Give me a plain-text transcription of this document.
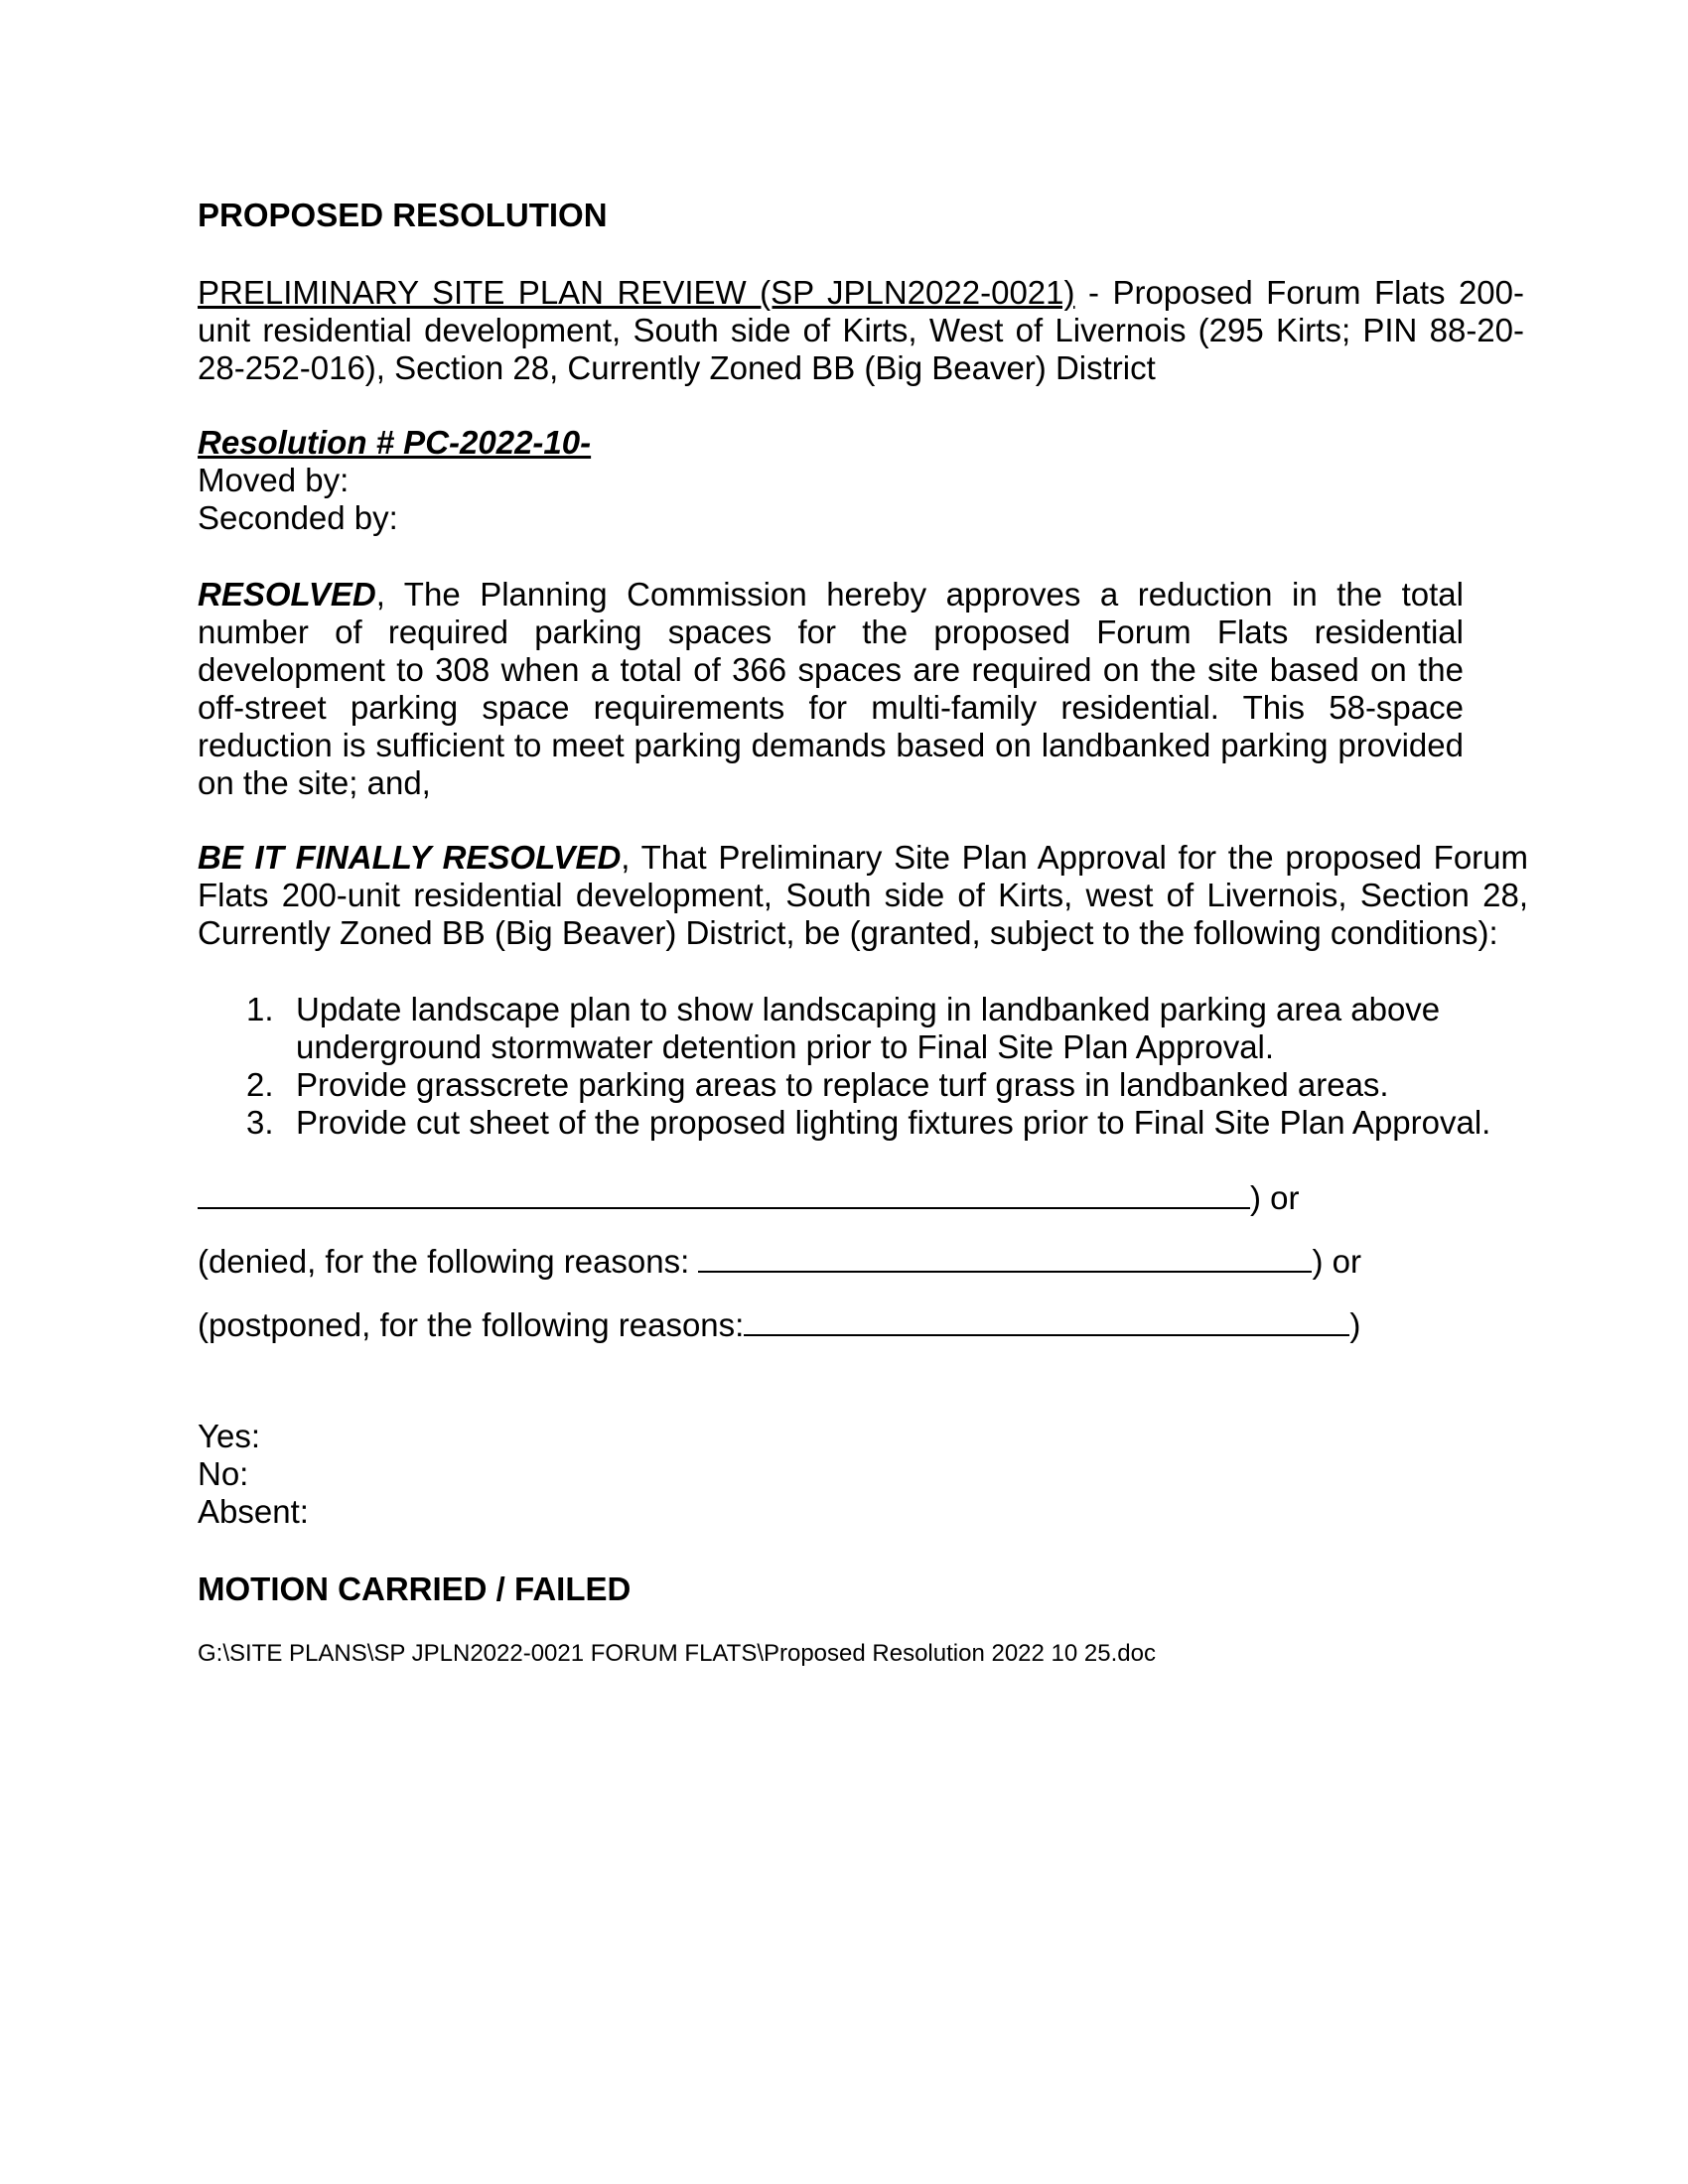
PROPOSED RESOLUTION
PRELIMINARY SITE PLAN REVIEW (SP JPLN2022-0021) - Proposed Forum Flats 200-unit residential development, South side of Kirts, West of Livernois (295 Kirts; PIN 88-20-28-252-016), Section 28, Currently Zoned BB (Big Beaver) District
Resolution # PC-2022-10-
Moved by:
Seconded by:
RESOLVED, The Planning Commission hereby approves a reduction in the total number of required parking spaces for the proposed Forum Flats residential development to 308 when a total of 366 spaces are required on the site based on the off-street parking space requirements for multi-family residential. This 58-space reduction is sufficient to meet parking demands based on landbanked parking provided on the site; and,
BE IT FINALLY RESOLVED, That Preliminary Site Plan Approval for the proposed Forum Flats 200-unit residential development, South side of Kirts, west of Livernois, Section 28, Currently Zoned BB (Big Beaver) District, be (granted, subject to the following conditions):
1. Update landscape plan to show landscaping in landbanked parking area above underground stormwater detention prior to Final Site Plan Approval.
2. Provide grasscrete parking areas to replace turf grass in landbanked areas.
3. Provide cut sheet of the proposed lighting fixtures prior to Final Site Plan Approval.
) or
(denied, for the following reasons:	) or
(postponed, for the following reasons:	)
Yes:
No:
Absent:
MOTION CARRIED / FAILED
G:\SITE PLANS\SP JPLN2022-0021 FORUM FLATS\Proposed Resolution 2022 10 25.doc
